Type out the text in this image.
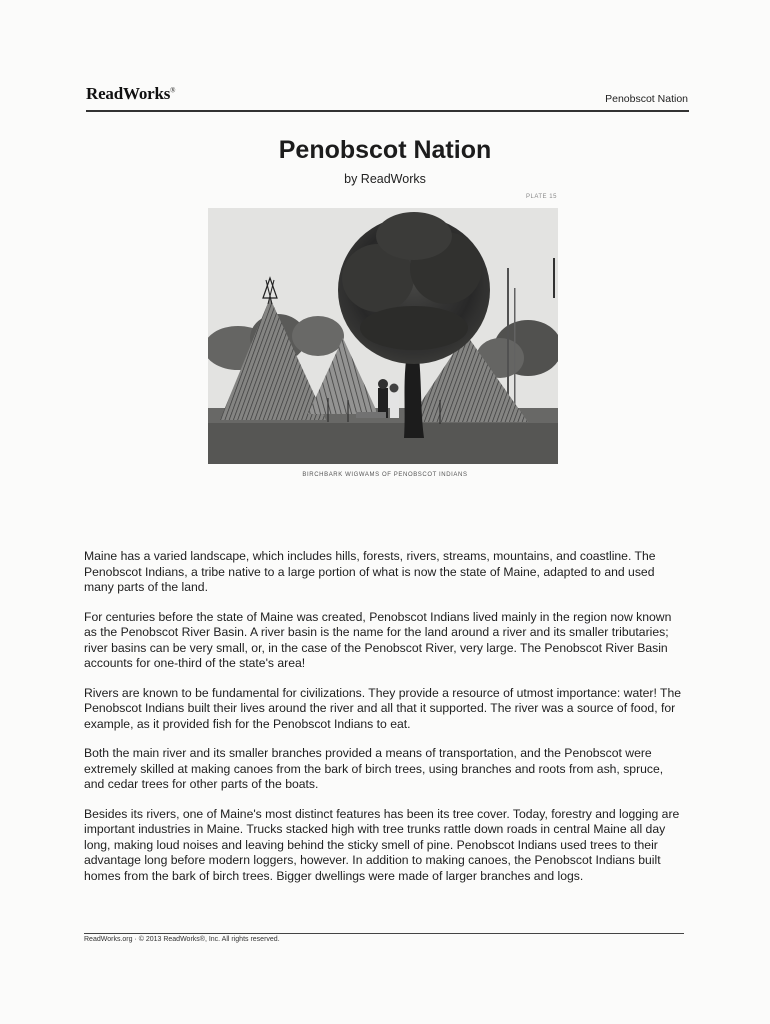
ReadWorks®
Penobscot Nation
Penobscot Nation
by ReadWorks
PLATE 15
BIRCHBARK WIGWAMS OF PENOBSCOT INDIANS

Maine has a varied landscape, which includes hills, forests, rivers, streams, mountains, and coastline. The Penobscot Indians, a tribe native to a large portion of what is now the state of Maine, adapted to and used many parts of the land.

For centuries before the state of Maine was created, Penobscot Indians lived mainly in the region now known as the Penobscot River Basin. A river basin is the name for the land around a river and its smaller tributaries; river basins can be very small, or, in the case of the Penobscot River, very large. The Penobscot River Basin accounts for one-third of the state's area!

Rivers are known to be fundamental for civilizations. They provide a resource of utmost importance: water! The Penobscot Indians built their lives around the river and all that it supported. The river was a source of food, for example, as it provided fish for the Penobscot Indians to eat.

Both the main river and its smaller branches provided a means of transportation, and the Penobscot were extremely skilled at making canoes from the bark of birch trees, using branches and roots from ash, spruce, and cedar trees for other parts of the boats.

Besides its rivers, one of Maine's most distinct features has been its tree cover. Today, forestry and logging are important industries in Maine. Trucks stacked high with tree trunks rattle down roads in central Maine all day long, making loud noises and leaving behind the sticky smell of pine. Penobscot Indians used trees to their advantage long before modern loggers, however. In addition to making canoes, the Penobscot Indians built homes from the bark of birch trees. Bigger dwellings were made of larger branches and logs.

ReadWorks.org · © 2013 ReadWorks®, Inc. All rights reserved.
